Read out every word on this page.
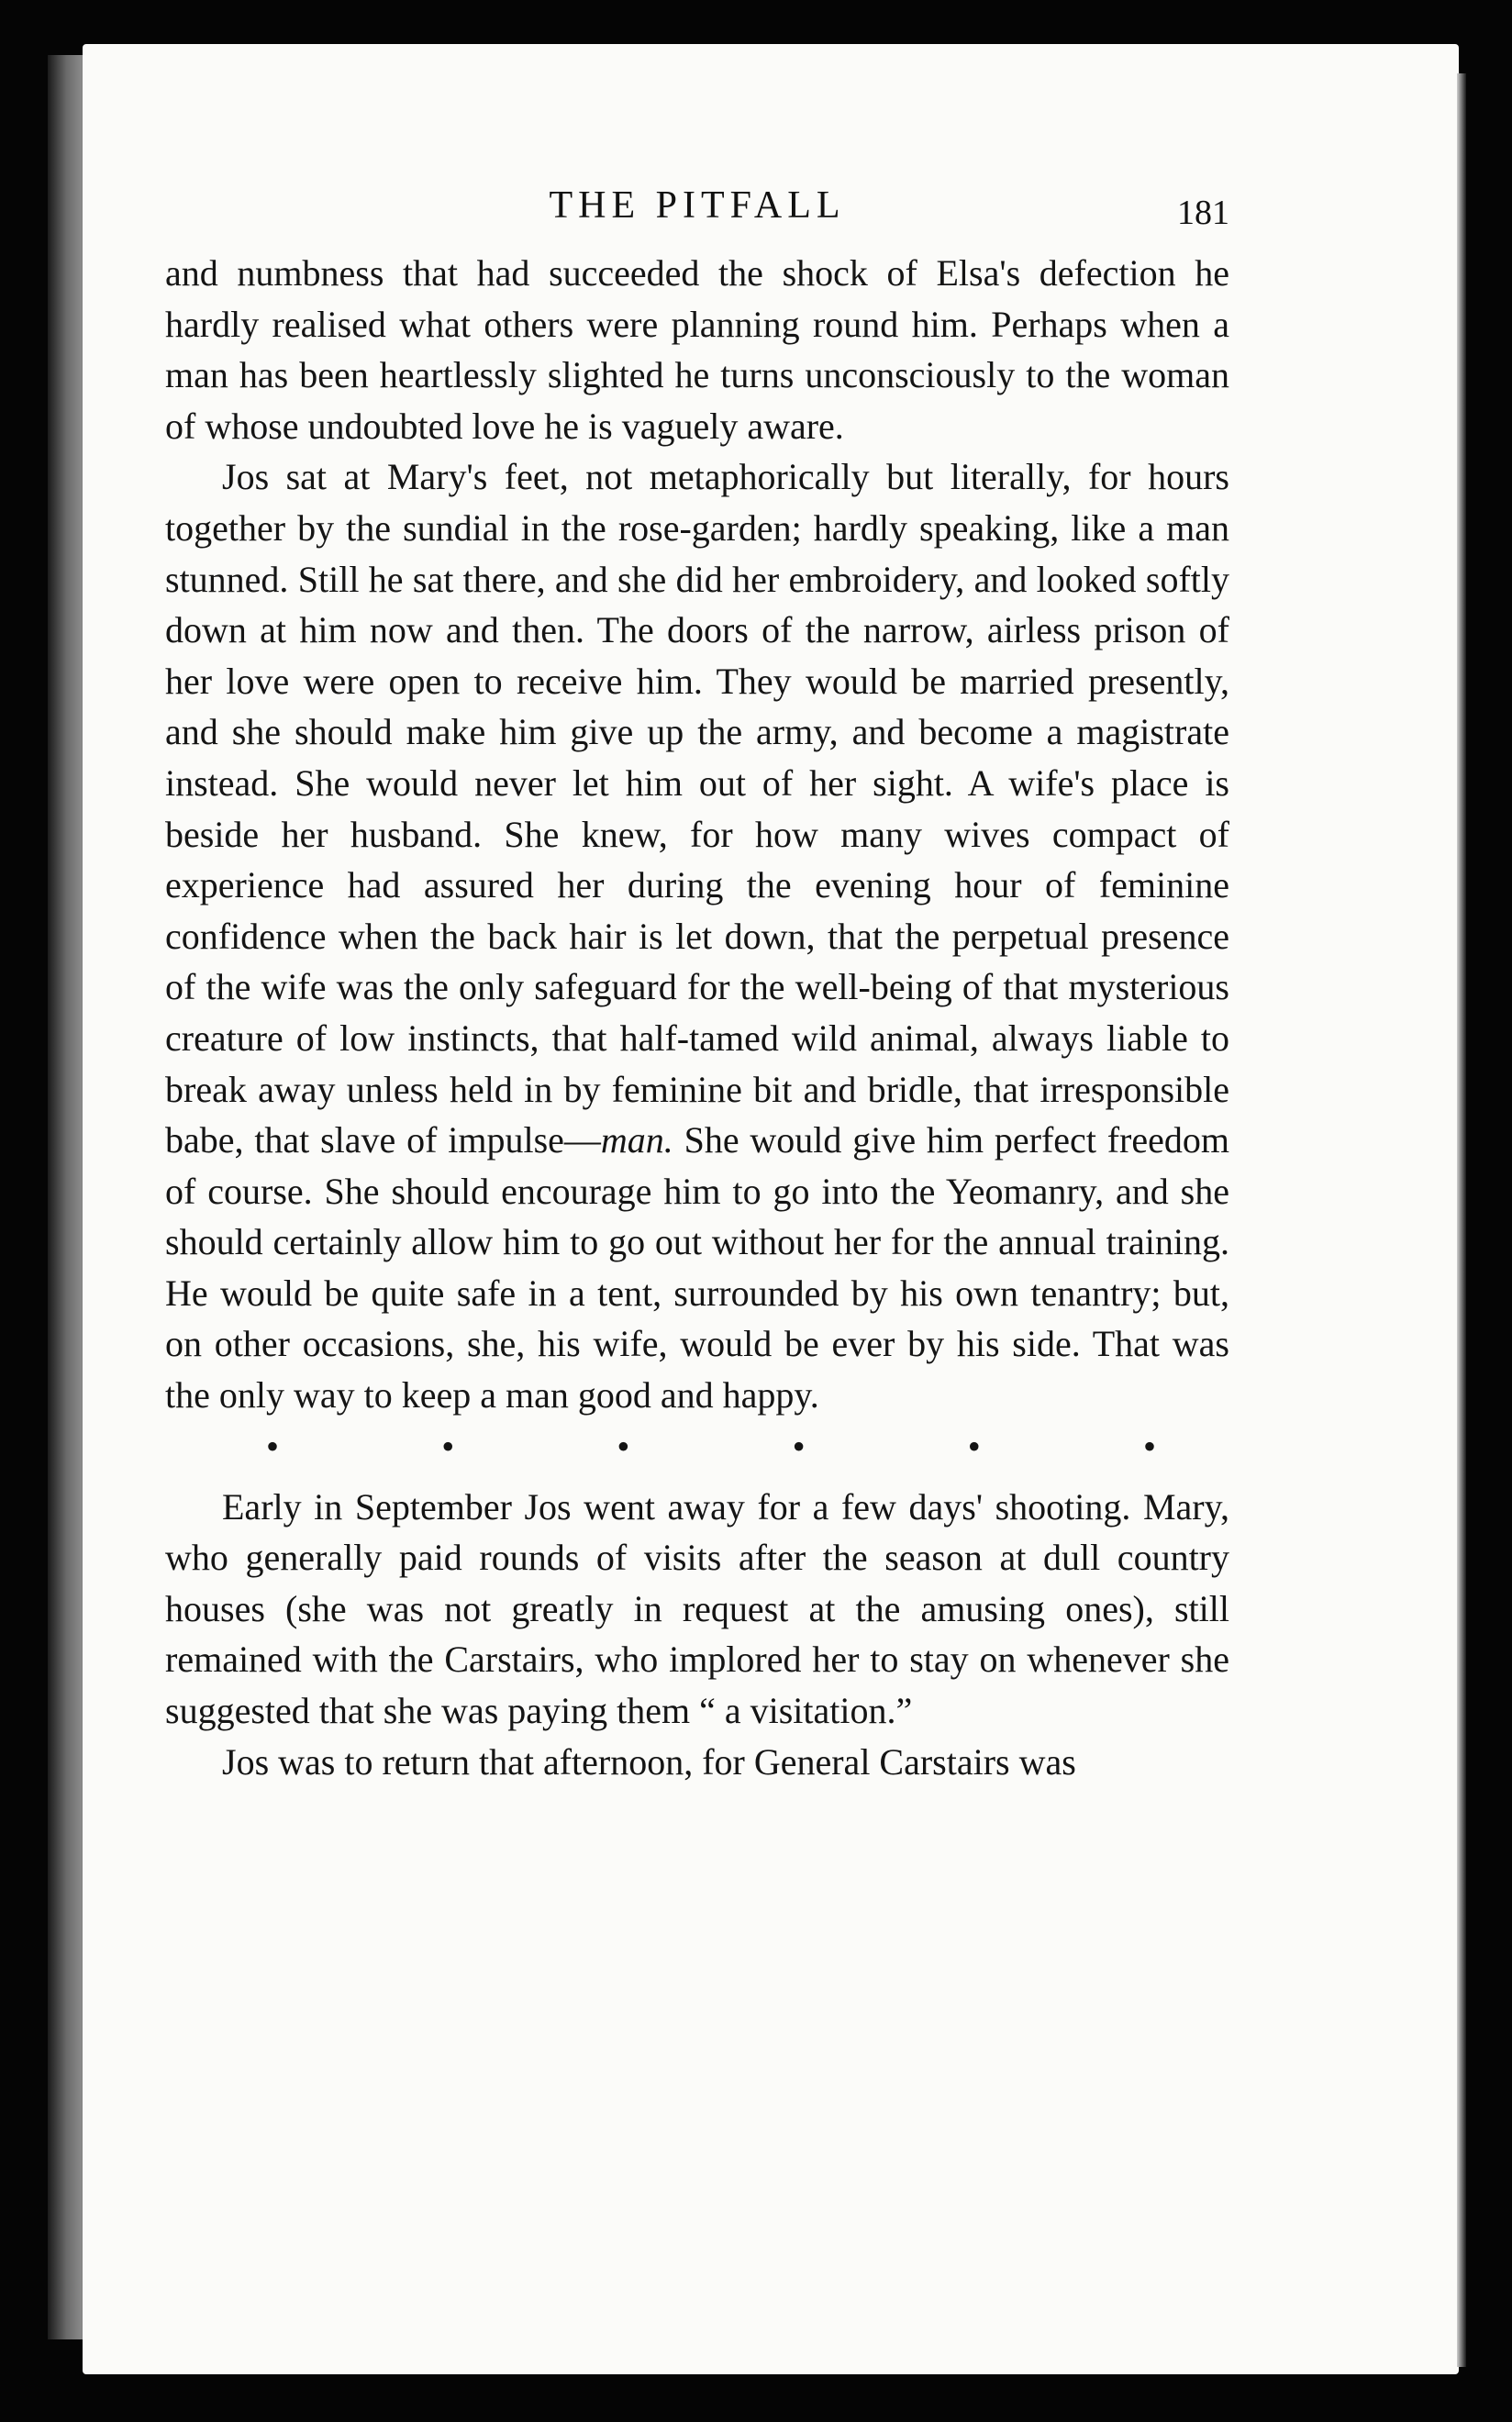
THE PITFALL	181

and numbness that had succeeded the shock of Elsa's defection he hardly realised what others were planning round him. Perhaps when a man has been heartlessly slighted he turns unconsciously to the woman of whose undoubted love he is vaguely aware.

Jos sat at Mary's feet, not metaphorically but literally, for hours together by the sundial in the rose-garden; hardly speaking, like a man stunned. Still he sat there, and she did her embroidery, and looked softly down at him now and then. The doors of the narrow, airless prison of her love were open to receive him. They would be married presently, and she should make him give up the army, and become a magistrate instead. She would never let him out of her sight. A wife's place is beside her husband. She knew, for how many wives compact of experience had assured her during the evening hour of feminine confidence when the back hair is let down, that the perpetual presence of the wife was the only safeguard for the well-being of that mysterious creature of low instincts, that half-tamed wild animal, always liable to break away unless held in by feminine bit and bridle, that irresponsible babe, that slave of impulse—man. She would give him perfect freedom of course. She should encourage him to go into the Yeomanry, and she should certainly allow him to go out without her for the annual training. He would be quite safe in a tent, surrounded by his own tenantry; but, on other occasions, she, his wife, would be ever by his side. That was the only way to keep a man good and happy.

•	•	•	•	•	•

Early in September Jos went away for a few days' shooting. Mary, who generally paid rounds of visits after the season at dull country houses (she was not greatly in request at the amusing ones), still remained with the Carstairs, who implored her to stay on whenever she suggested that she was paying them “ a visitation.”

Jos was to return that afternoon, for General Carstairs was
